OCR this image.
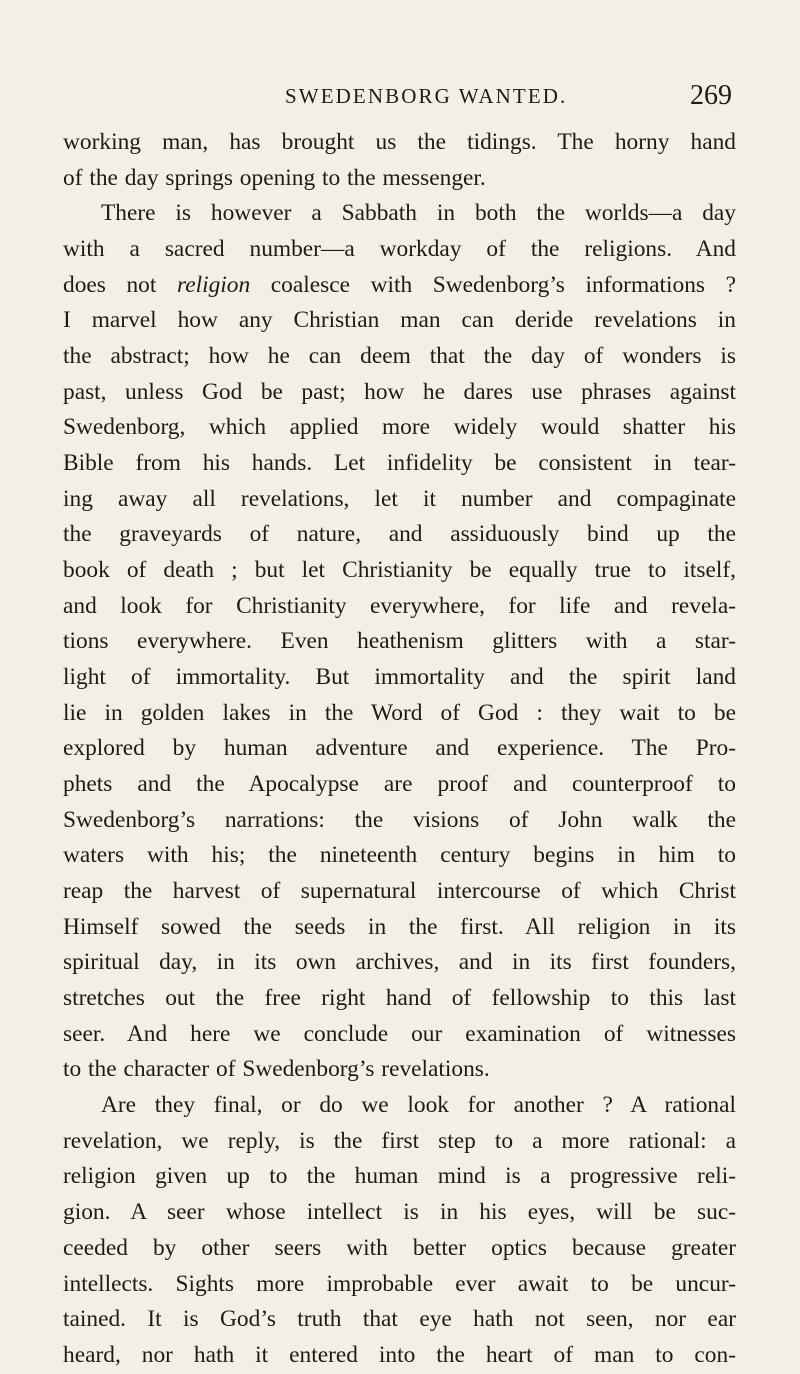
SWEDENBORG WANTED.	269
working man, has brought us the tidings. The horny hand
of the day springs opening to the messenger.
There is however a Sabbath in both the worlds—a day
with a sacred number—a workday of the religions. And
does not religion coalesce with Swedenborg’s informations ?
I marvel how any Christian man can deride revelations in
the abstract; how he can deem that the day of wonders is
past, unless God be past; how he dares use phrases against
Swedenborg, which applied more widely would shatter his
Bible from his hands. Let infidelity be consistent in tear-
ing away all revelations, let it number and compaginate
the graveyards of nature, and assiduously bind up the
book of death ; but let Christianity be equally true to itself,
and look for Christianity everywhere, for life and revela-
tions everywhere. Even heathenism glitters with a star-
light of immortality. But immortality and the spirit land
lie in golden lakes in the Word of God : they wait to be
explored by human adventure and experience. The Pro-
phets and the Apocalypse are proof and counterproof to
Swedenborg’s narrations: the visions of John walk the
waters with his; the nineteenth century begins in him to
reap the harvest of supernatural intercourse of which Christ
Himself sowed the seeds in the first. All religion in its
spiritual day, in its own archives, and in its first founders,
stretches out the free right hand of fellowship to this last
seer. And here we conclude our examination of witnesses
to the character of Swedenborg’s revelations.
Are they final, or do we look for another ? A rational
revelation, we reply, is the first step to a more rational: a
religion given up to the human mind is a progressive reli-
gion. A seer whose intellect is in his eyes, will be suc-
ceeded by other seers with better optics because greater
intellects. Sights more improbable ever await to be uncur-
tained. It is God’s truth that eye hath not seen, nor ear
heard, nor hath it entered into the heart of man to con-
